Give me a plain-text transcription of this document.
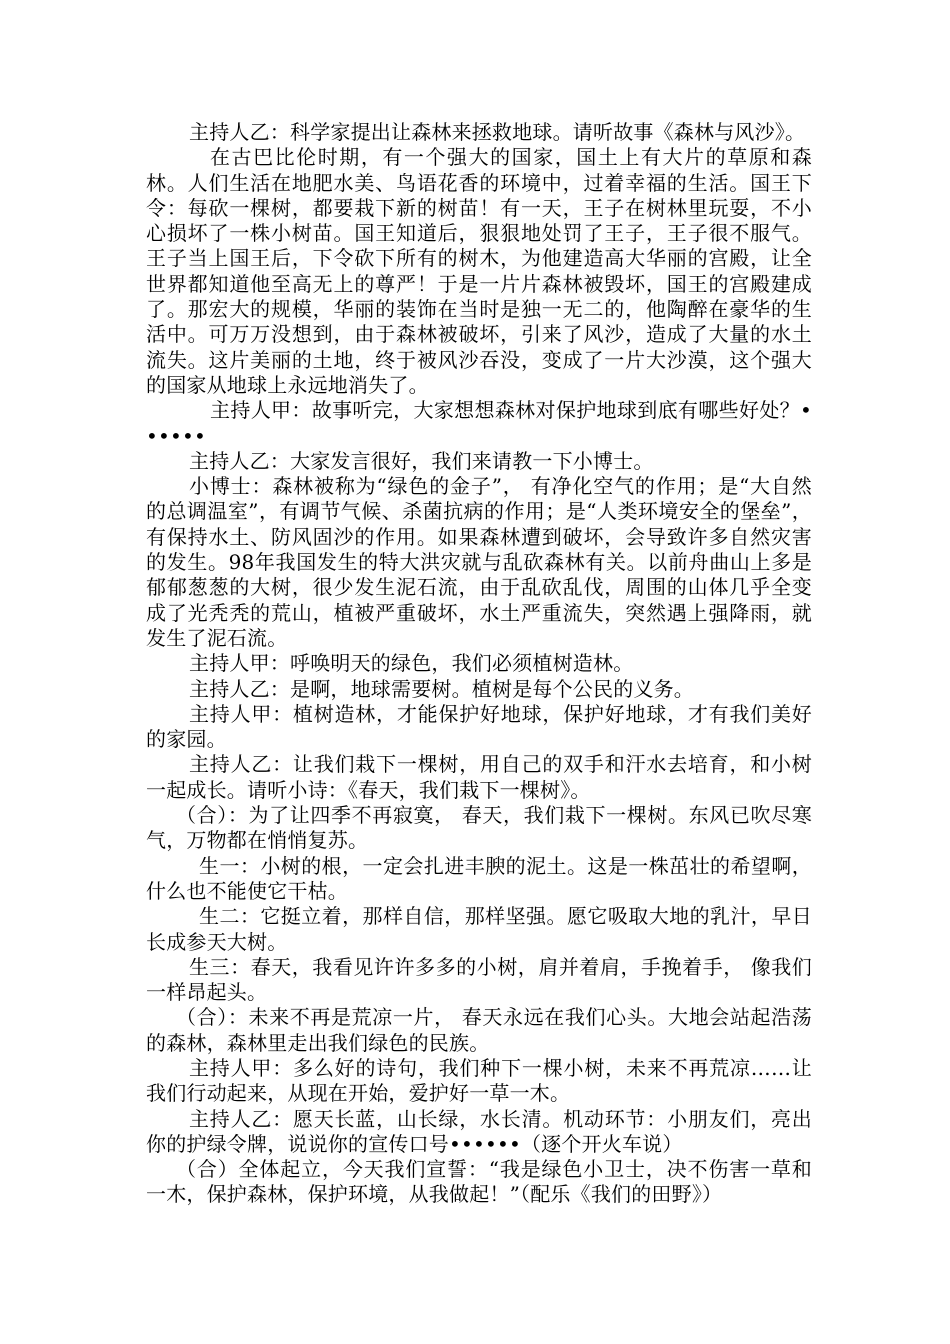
主持人乙：科学家提出让森林来拯救地球。请听故事《森林与风沙》。

在古巴比伦时期，有一个强大的国家，国土上有大片的草原和森林。人们生活在地肥水美、鸟语花香的环境中，过着幸福的生活。国王下令：每砍一棵树，都要栽下新的树苗！有一天，王子在树林里玩耍，不小心损坏了一株小树苗。国王知道后，狠狠地处罚了王子，王子很不服气。王子当上国王后，下令砍下所有的树木，为他建造高大华丽的宫殿，让全世界都知道他至高无上的尊严！于是一片片森林被毁坏，国王的宫殿建成了。那宏大的规模，华丽的装饰在当时是独一无二的，他陶醉在豪华的生活中。可万万没想到，由于森林被破坏，引来了风沙，造成了大量的水土流失。这片美丽的土地，终于被风沙吞没，变成了一片大沙漠，这个强大的国家从地球上永远地消失了。

主持人甲：故事听完，大家想想森林对保护地球到底有哪些好处？••••••

主持人乙：大家发言很好，我们来请教一下小博士。

小博士：森林被称为“绿色的金子”， 有净化空气的作用；是“大自然的总调温室”，有调节气候、杀菌抗病的作用；是“人类环境安全的堡垒”，有保持水土、防风固沙的作用。如果森林遭到破坏，会导致许多自然灾害的发生。98年我国发生的特大洪灾就与乱砍森林有关。以前舟曲山上多是郁郁葱葱的大树，很少发生泥石流，由于乱砍乱伐，周围的山体几乎全变成了光秃秃的荒山，植被严重破坏，水土严重流失，突然遇上强降雨，就发生了泥石流。

主持人甲：呼唤明天的绿色，我们必须植树造林。

主持人乙：是啊，地球需要树。植树是每个公民的义务。

主持人甲：植树造林，才能保护好地球，保护好地球，才有我们美好的家园。

主持人乙：让我们栽下一棵树，用自己的双手和汗水去培育，和小树一起成长。请听小诗：《春天，我们栽下一棵树》。

（合）：为了让四季不再寂寞， 春天，我们栽下一棵树。东风已吹尽寒气，万物都在悄悄复苏。

生一：小树的根，一定会扎进丰腴的泥土。这是一株茁壮的希望啊，什么也不能使它干枯。

生二：它挺立着，那样自信，那样坚强。愿它吸取大地的乳汁，早日长成参天大树。

生三：春天，我看见许许多多的小树，肩并着肩，手挽着手， 像我们一样昂起头。

（合）：未来不再是荒凉一片， 春天永远在我们心头。大地会站起浩荡的森林，森林里走出我们绿色的民族。

主持人甲：多么好的诗句，我们种下一棵小树，未来不再荒凉……让我们行动起来，从现在开始，爱护好一草一木。

主持人乙：愿天长蓝，山长绿，水长清。机动环节：小朋友们，亮出你的护绿令牌，说说你的宣传口号••••••（逐个开火车说）

（合）全体起立，今天我们宣誓：“我是绿色小卫士，决不伤害一草和一木，保护森林，保护环境，从我做起！”（配乐《我们的田野》）
